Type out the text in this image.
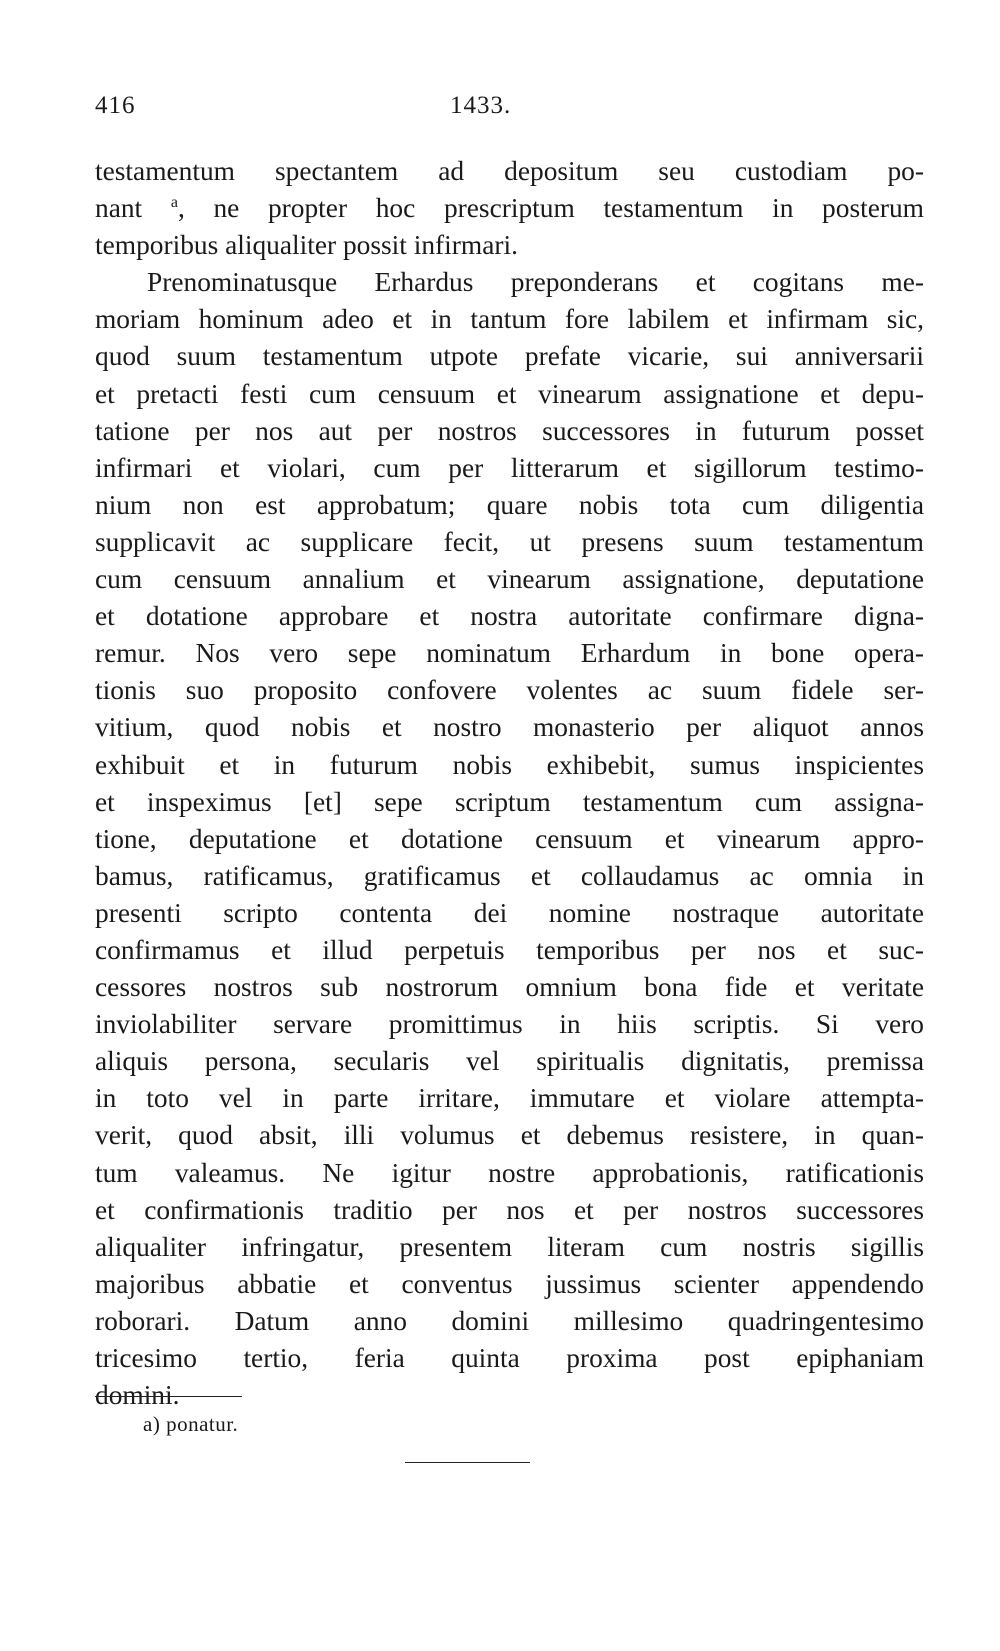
416	1433.
testamentum spectantem ad depositum seu custodiam po-
nant $^a$, ne propter hoc prescriptum testamentum in posterum
temporibus aliqualiter possit infirmari.
Prenominatusque Erhardus preponderans et cogitans me-
moriam hominum adeo et in tantum fore labilem et infirmam sic,
quod suum testamentum utpote prefate vicarie, sui anniversarii
et pretacti festi cum censuum et vinearum assignatione et depu-
tatione per nos aut per nostros successores in futurum posset
infirmari et violari, cum per litterarum et sigillorum testimo-
nium non est approbatum; quare nobis tota cum diligentia
supplicavit ac supplicare fecit, ut presens suum testamentum
cum censuum annalium et vinearum assignatione, deputatione
et dotatione approbare et nostra autoritate confirmare digna-
remur. Nos vero sepe nominatum Erhardum in bone opera-
tionis suo proposito confovere volentes ac suum fidele ser-
vitium, quod nobis et nostro monasterio per aliquot annos
exhibuit et in futurum nobis exhibebit, sumus inspicientes
et inspeximus [et] sepe scriptum testamentum cum assigna-
tione, deputatione et dotatione censuum et vinearum appro-
bamus, ratificamus, gratificamus et collaudamus ac omnia in
presenti scripto contenta dei nomine nostraque autoritate
confirmamus et illud perpetuis temporibus per nos et suc-
cessores nostros sub nostrorum omnium bona fide et veritate
inviolabiliter servare promittimus in hiis scriptis. Si vero
aliquis persona, secularis vel spiritualis dignitatis, premissa
in toto vel in parte irritare, immutare et violare attempta-
verit, quod absit, illi volumus et debemus resistere, in quan-
tum valeamus. Ne igitur nostre approbationis, ratificationis
et confirmationis traditio per nos et per nostros successores
aliqualiter infringatur, presentem literam cum nostris sigillis
majoribus abbatie et conventus jussimus scienter appendendo
roborari. Datum anno domini millesimo quadringentesimo
tricesimo tertio, feria quinta proxima post epiphaniam
domini.
a) ponatur.
